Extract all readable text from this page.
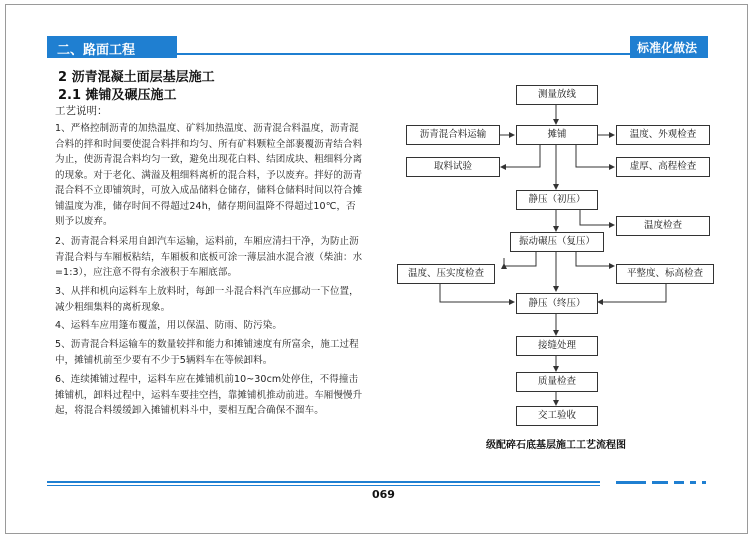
二、路面工程	标准化做法
2 沥青混凝土面层基层施工
2.1 摊铺及碾压施工
工艺说明：
1、严格控制沥青的加热温度、矿料加热温度、沥青混合料温度，沥青混合料的拌和时间要使混合料拌和均匀、所有矿料颗粒全部裹覆沥青结合料为止，使沥青混合料均匀一致，避免出现花白料、结团成块、粗细料分离的现象。对于老化、满溢及粗细料离析的混合料，予以废弃。拌好的沥青混合料不立即铺筑时，可放入成品储料仓储存，储料仓储料时间以符合摊铺温度为准，储存时间不得超过24h，储存期间温降不得超过10℃，否则予以废弃。
2、沥青混合料采用自卸汽车运输，运料前，车厢应清扫干净，为防止沥青混合料与车厢板粘结，车厢板和底板可涂一薄层油水混合液（柴油：水=1:3），应注意不得有余液积于车厢底部。
3、从拌和机向运料车上放料时，每卸一斗混合料汽车应挪动一下位置，减少粗细集料的离析现象。
4、运料车应用篷布覆盖，用以保温、防雨、防污染。
5、沥青混合料运输车的数量较拌和能力和摊铺速度有所富余，施工过程中，摊铺机前至少要有不少于5辆料车在等候卸料。
6、连续摊铺过程中，运料车应在摊铺机前10~30cm处停住，不得撞击摊铺机，卸料过程中，运料车要挂空挡，靠摊铺机推动前进。车厢慢慢升起，将混合料缓缓卸入摊铺机料斗中，要相互配合确保不溜车。
测量放线
沥青混合料运输	摊铺	温度、外观检查
取料试验	虚厚、高程检查
静压（初压）
温度检查
振动碾压（复压）
温度、压实度检查	平整度、标高检查
静压（终压）
接缝处理
质量检查
交工验收
级配碎石底基层施工工艺流程图
069
